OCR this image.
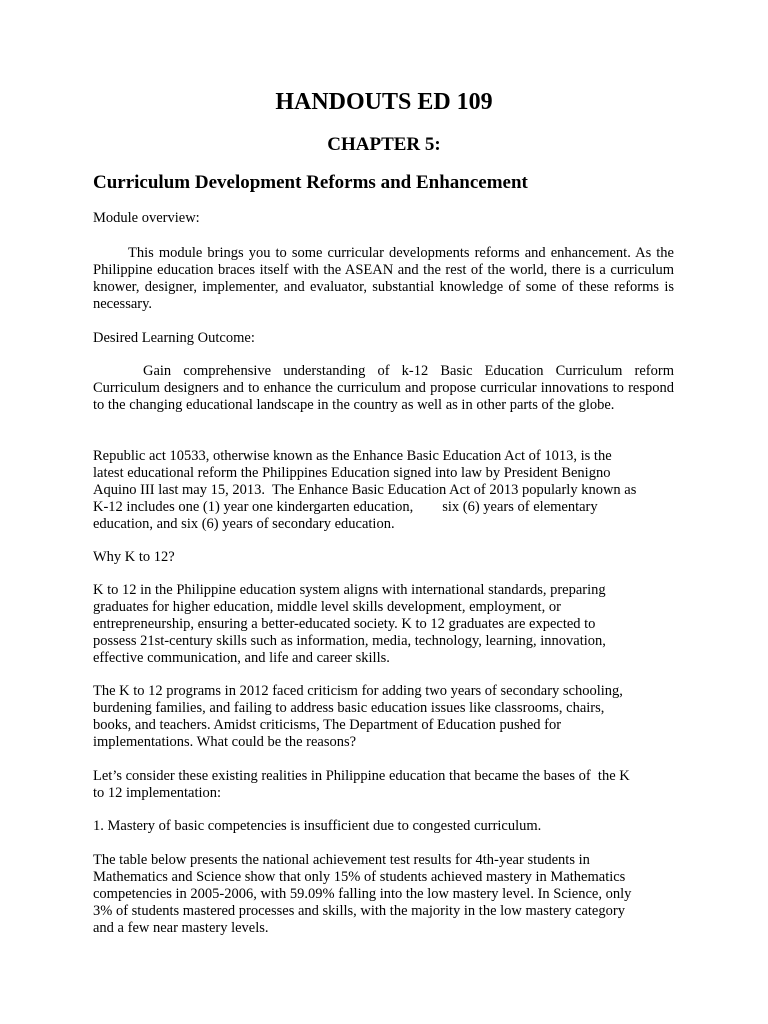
HANDOUTS ED 109
CHAPTER 5:
Curriculum Development Reforms and Enhancement

Module overview:

This module brings you to some curricular developments reforms and enhancement. As the Philippine education braces itself with the ASEAN and the rest of the world, there is a curriculum knower, designer, implementer, and evaluator, substantial knowledge of some of these reforms is necessary.

Desired Learning Outcome:

Gain comprehensive understanding of k-12 Basic Education Curriculum reform Curriculum designers and to enhance the curriculum and propose curricular innovations to respond to the changing educational landscape in the country as well as in other parts of the globe.

Republic act 10533, otherwise known as the Enhance Basic Education Act of 1013, is the
latest educational reform the Philippines Education signed into law by President Benigno
Aquino III last may 15, 2013.  The Enhance Basic Education Act of 2013 popularly known as
K-12 includes one (1) year one kindergarten education,        six (6) years of elementary
education, and six (6) years of secondary education.

Why K to 12?

K to 12 in the Philippine education system aligns with international standards, preparing
graduates for higher education, middle level skills development, employment, or
entrepreneurship, ensuring a better-educated society. K to 12 graduates are expected to
possess 21st-century skills such as information, media, technology, learning, innovation,
effective communication, and life and career skills.
The K to 12 programs in 2012 faced criticism for adding two years of secondary schooling,
burdening families, and failing to address basic education issues like classrooms, chairs,
books, and teachers. Amidst criticisms, The Department of Education pushed for
implementations. What could be the reasons?
Let’s consider these existing realities in Philippine education that became the bases of  the K
to 12 implementation:

1. Mastery of basic competencies is insufficient due to congested curriculum.

The table below presents the national achievement test results for 4th-year students in
Mathematics and Science show that only 15% of students achieved mastery in Mathematics
competencies in 2005-2006, with 59.09% falling into the low mastery level. In Science, only
3% of students mastered processes and skills, with the majority in the low mastery category
and a few near mastery levels.
